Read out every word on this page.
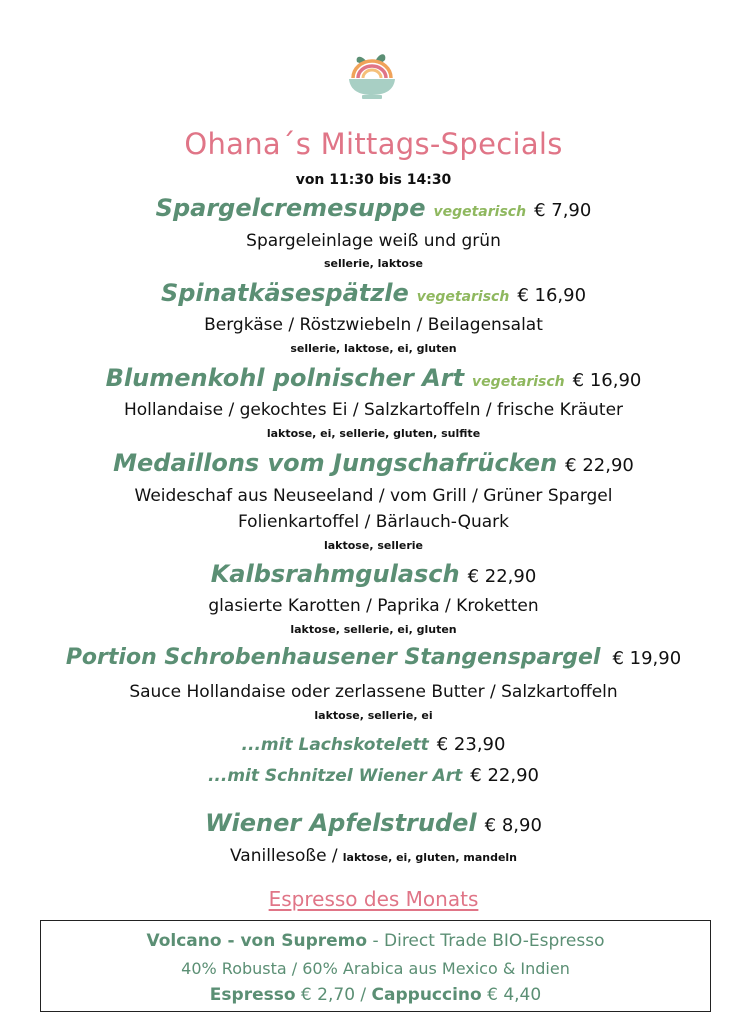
Ohana´s Mittags-Specials
von 11:30 bis 14:30
Spargelcremesuppe vegetarisch € 7,90
Spargeleinlage weiß und grün
sellerie, laktose
Spinatkäsespätzle vegetarisch € 16,90
Bergkäse / Röstzwiebeln / Beilagensalat
sellerie, laktose, ei, gluten
Blumenkohl polnischer Art vegetarisch € 16,90
Hollandaise / gekochtes Ei / Salzkartoffeln / frische Kräuter
laktose, ei, sellerie, gluten, sulfite
Medaillons vom Jungschafrücken € 22,90
Weideschaf aus Neuseeland / vom Grill / Grüner Spargel
Folienkartoffel / Bärlauch-Quark
laktose, sellerie
Kalbsrahmgulasch € 22,90
glasierte Karotten / Paprika / Kroketten
laktose, sellerie, ei, gluten
Portion Schrobenhausener Stangenspargel € 19,90
Sauce Hollandaise oder zerlassene Butter / Salzkartoffeln
laktose, sellerie, ei
...mit Lachskotelett € 23,90
...mit Schnitzel Wiener Art € 22,90
Wiener Apfelstrudel € 8,90
Vanillesoße / laktose, ei, gluten, mandeln
Espresso des Monats
Volcano - von Supremo - Direct Trade BIO-Espresso
40% Robusta / 60% Arabica aus Mexico & Indien
Espresso € 2,70 / Cappuccino € 4,40
